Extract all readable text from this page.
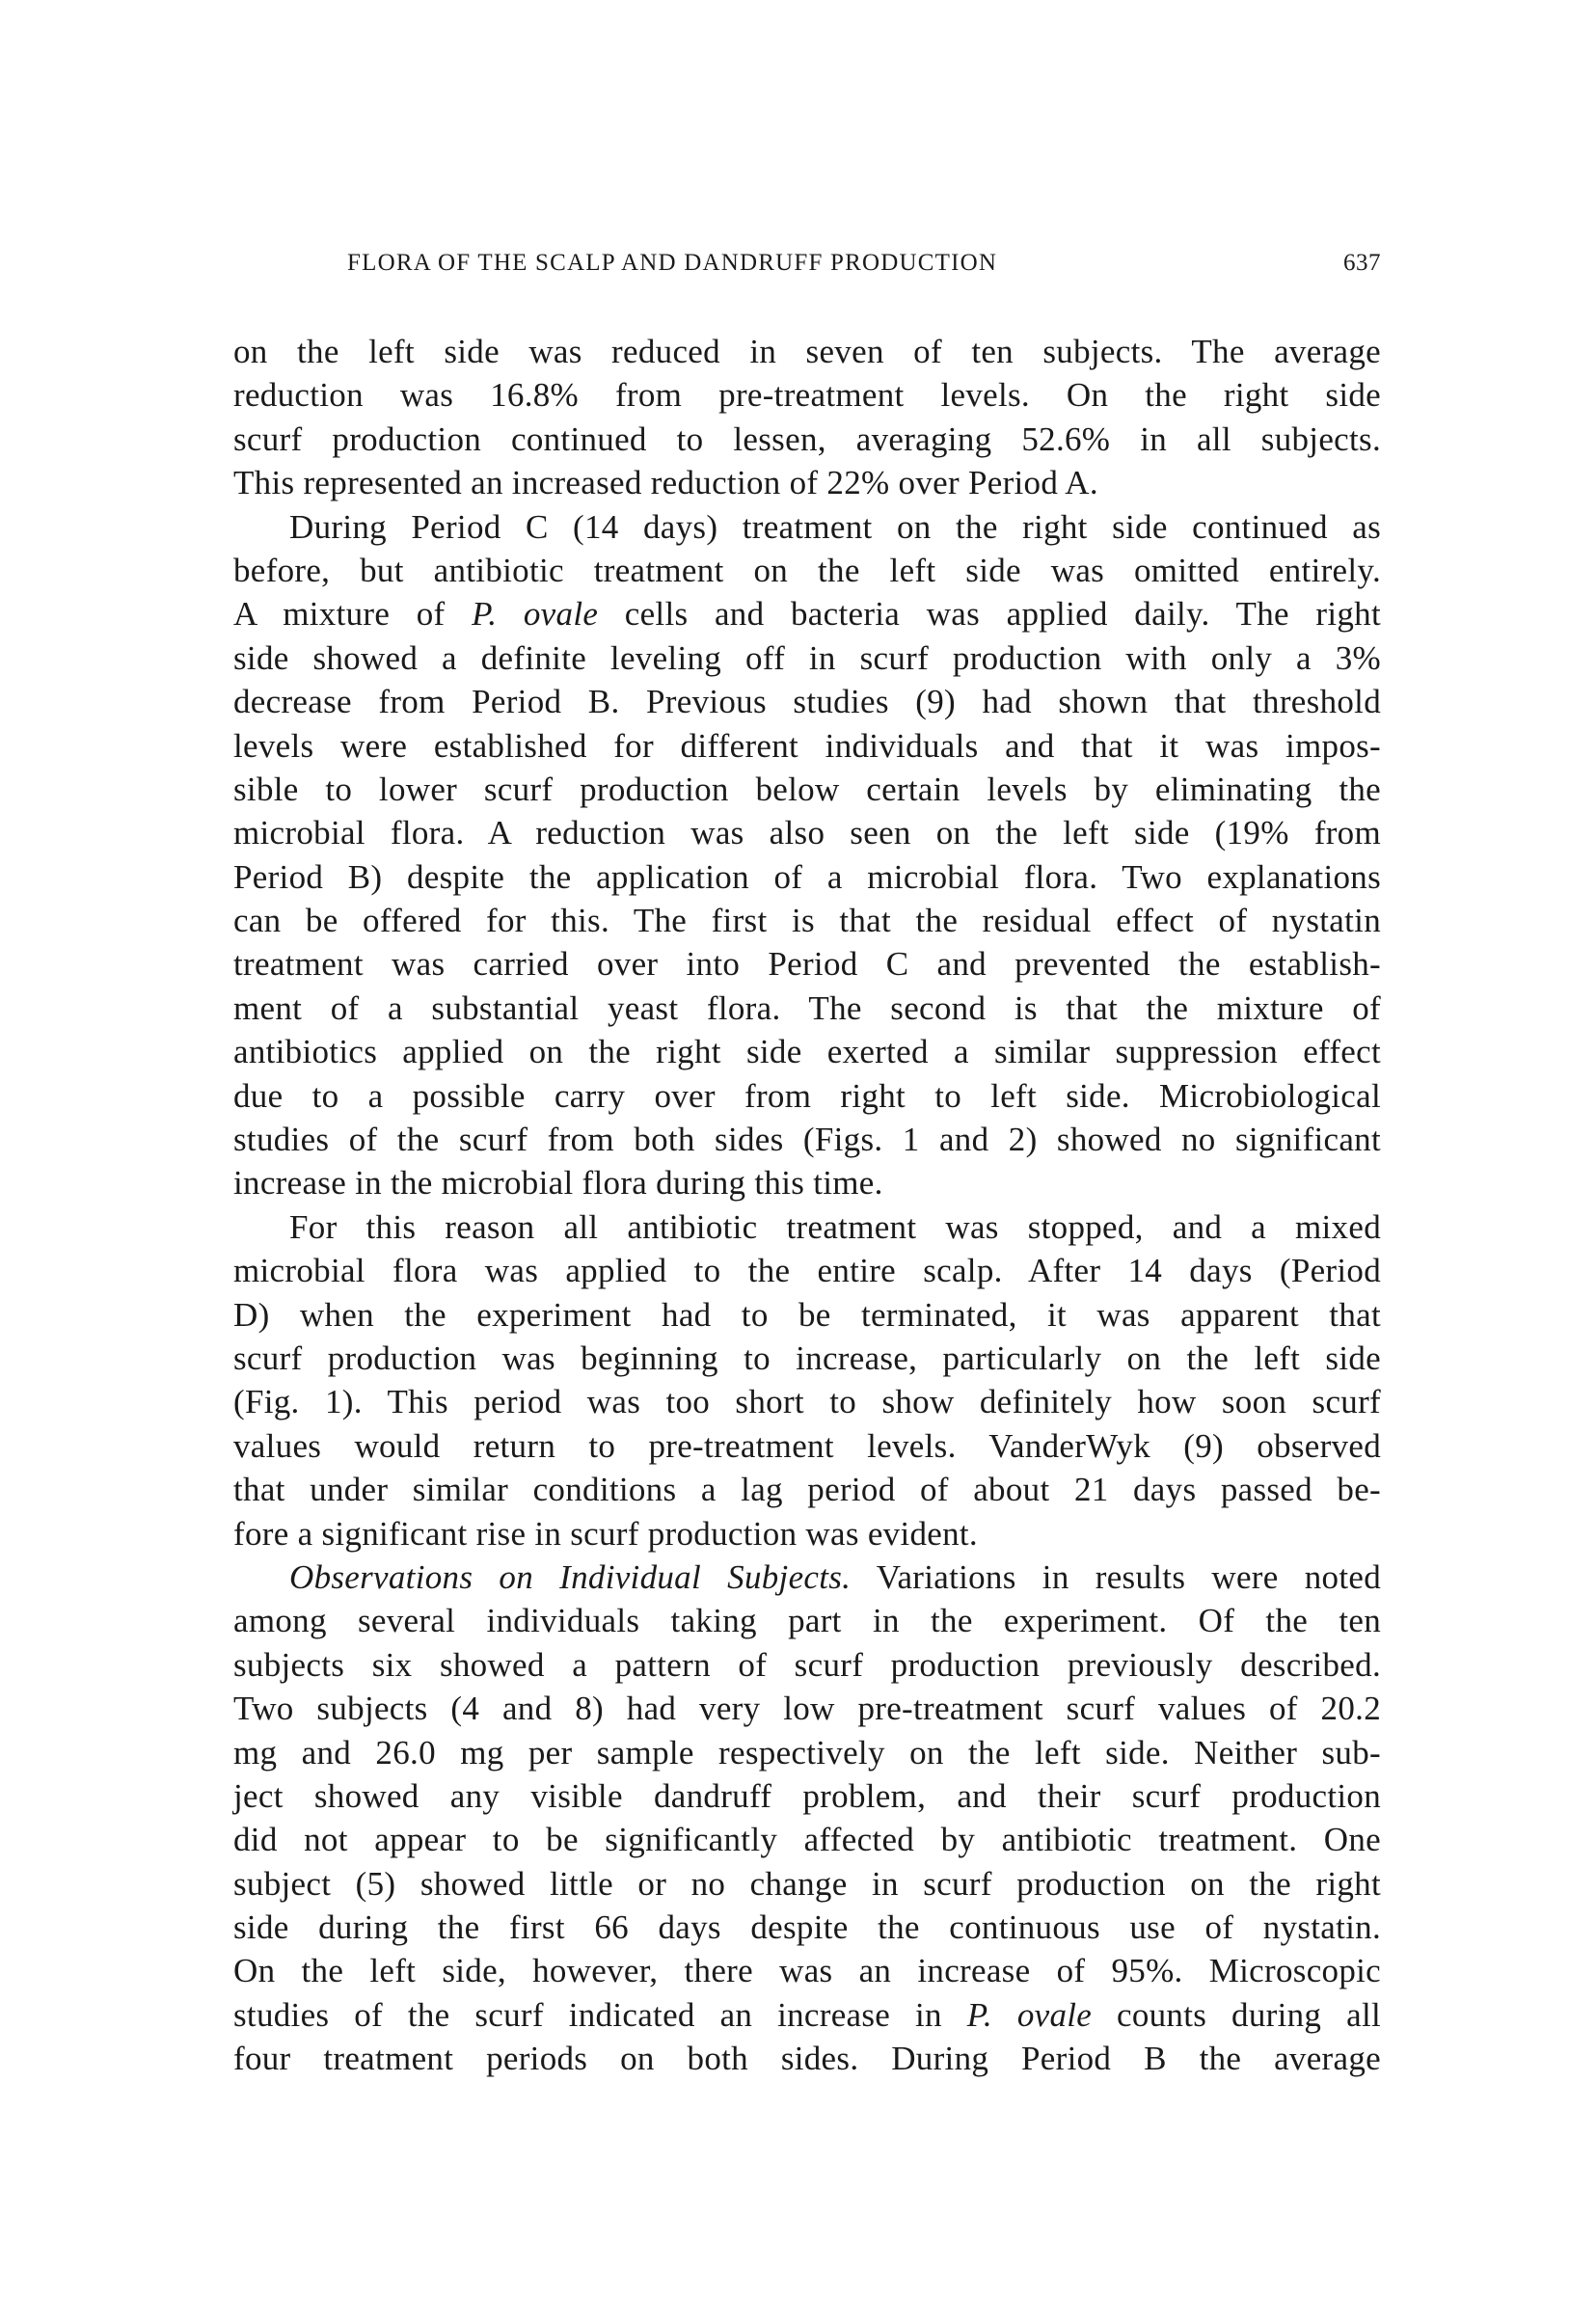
FLORA OF THE SCALP AND DANDRUFF PRODUCTION	637
on the left side was reduced in seven of ten subjects. The average
reduction was 16.8% from pre-treatment levels. On the right side
scurf production continued to lessen, averaging 52.6% in all subjects.
This represented an increased reduction of 22% over Period A.
During Period C (14 days) treatment on the right side continued as
before, but antibiotic treatment on the left side was omitted entirely.
A mixture of P. ovale cells and bacteria was applied daily. The right
side showed a definite leveling off in scurf production with only a 3%
decrease from Period B. Previous studies (9) had shown that threshold
levels were established for different individuals and that it was impos-
sible to lower scurf production below certain levels by eliminating the
microbial flora. A reduction was also seen on the left side (19% from
Period B) despite the application of a microbial flora. Two explanations
can be offered for this. The first is that the residual effect of nystatin
treatment was carried over into Period C and prevented the establish-
ment of a substantial yeast flora. The second is that the mixture of
antibiotics applied on the right side exerted a similar suppression effect
due to a possible carry over from right to left side. Microbiological
studies of the scurf from both sides (Figs. 1 and 2) showed no significant
increase in the microbial flora during this time.
For this reason all antibiotic treatment was stopped, and a mixed
microbial flora was applied to the entire scalp. After 14 days (Period
D) when the experiment had to be terminated, it was apparent that
scurf production was beginning to increase, particularly on the left side
(Fig. 1). This period was too short to show definitely how soon scurf
values would return to pre-treatment levels. VanderWyk (9) observed
that under similar conditions a lag period of about 21 days passed be-
fore a significant rise in scurf production was evident.
Observations on Individual Subjects. Variations in results were noted
among several individuals taking part in the experiment. Of the ten
subjects six showed a pattern of scurf production previously described.
Two subjects (4 and 8) had very low pre-treatment scurf values of 20.2
mg and 26.0 mg per sample respectively on the left side. Neither sub-
ject showed any visible dandruff problem, and their scurf production
did not appear to be significantly affected by antibiotic treatment. One
subject (5) showed little or no change in scurf production on the right
side during the first 66 days despite the continuous use of nystatin.
On the left side, however, there was an increase of 95%. Microscopic
studies of the scurf indicated an increase in P. ovale counts during all
four treatment periods on both sides. During Period B the average
